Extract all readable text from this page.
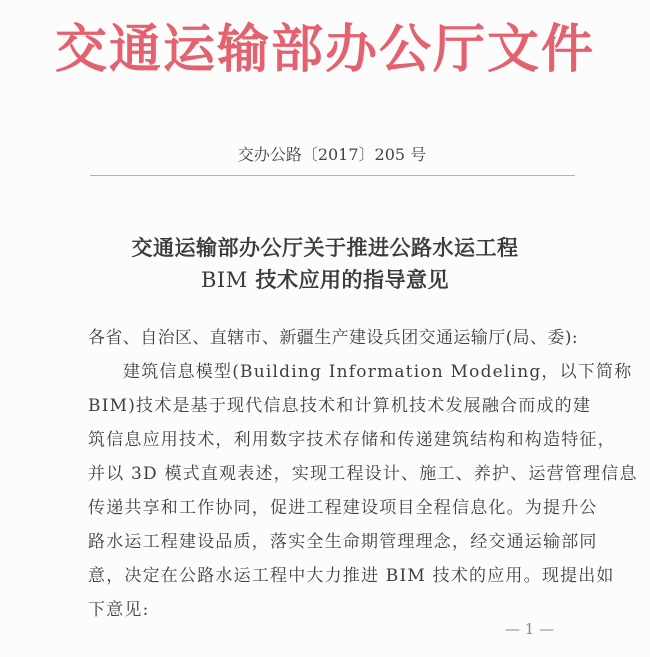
交通运输部办公厅文件
交办公路〔2017〕205 号
交通运输部办公厅关于推进公路水运工程
BIM 技术应用的指导意见
各省、自治区、直辖市、新疆生产建设兵团交通运输厅(局、委):
建筑信息模型(Building Information Modeling，以下简称
BIM)技术是基于现代信息技术和计算机技术发展融合而成的建
筑信息应用技术，利用数字技术存储和传递建筑结构和构造特征，
并以 3D 模式直观表述，实现工程设计、施工、养护、运营管理信息
传递共享和工作协同，促进工程建设项目全程信息化。为提升公
路水运工程建设品质，落实全生命期管理理念，经交通运输部同
意，决定在公路水运工程中大力推进 BIM 技术的应用。现提出如
下意见:
— 1 —
